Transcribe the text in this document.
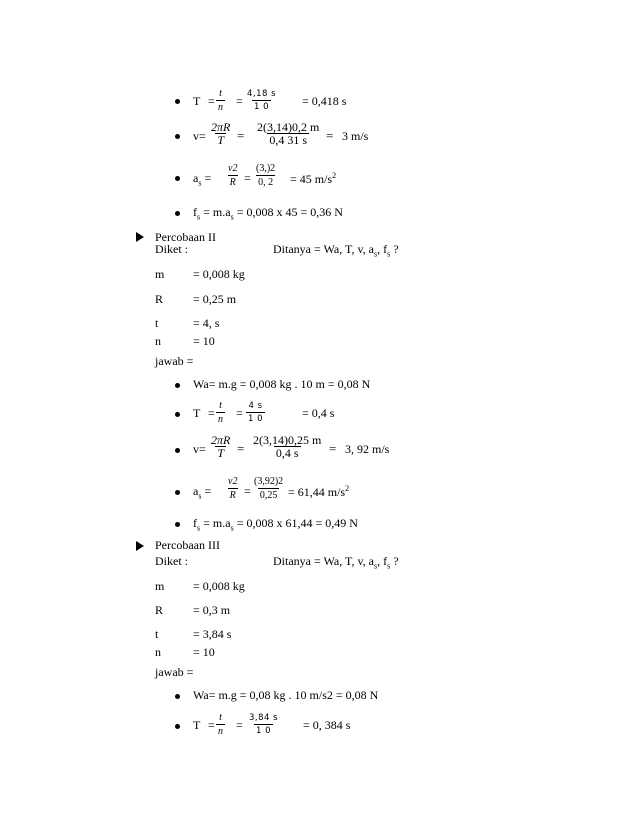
$T = \frac{t}{n} = \frac{4,18 s}{1 0} = 0,418$ s
$v= \frac{2\pi R}{T} = \frac{2(3,14)0,2 m}{0,4 31 s} = 3$ m/s
$a_s = \frac{v2}{R} = \frac{(3,)2}{0, 2} = 45$ $m/s^2$
$f_s = m.a_s = 0,008$ x 45 = 0,36 N
Percobaan II
Diket :	Ditanya = Wa, T, v, $a_s$, $f_s$ ?
m = 0,008 kg
R = 0,25 m
t	= 4, s
n	= 10
jawab =
Wa= m.g = 0,008 kg . 10 m = 0,08 N
$T = \frac{t}{n} = \frac{4 s}{1 0}$	= 0,4 s
$v= \frac{2\pi R}{T} = \frac{2(3,14)0,25 m}{0,4 s} = 3$, 92 m/s
$a_s = \frac{v2}{R} = \frac{(3,92)2}{0,25} = 61,44$ $m/s^2$
$f_s = m.a_s = 0,008$ x 61,44 = 0,49 N
Percobaan III
Diket :	Ditanya = Wa, T, v, $a_s$, $f_s$ ?
m = 0,008 kg
R = 0,3 m
t	= 3,84 s
n	= 10
jawab =
Wa= m.g = 0,08 kg . 10 m/s2 = 0,08 N
$T = \frac{t}{n} = \frac{3,84 s}{1 0} = 0$, 384 s
